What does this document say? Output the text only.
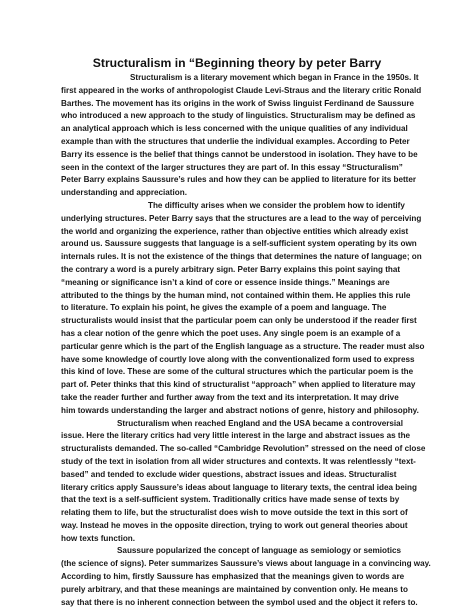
Structuralism in “Beginning theory by peter Barry
Structuralism is a literary movement which began in France in the 1950s. It
first appeared in the works of anthropologist Claude Levi-Straus and the literary critic Ronald
Barthes. The movement has its origins in the work of Swiss linguist Ferdinand de Saussure
who introduced a new approach to the study of linguistics. Structuralism may be defined as
an analytical approach which is less concerned with the unique qualities of any individual
example than with the structures that underlie the individual examples. According to Peter
Barry its essence is the belief that things cannot be understood in isolation. They have to be
seen in the context of the larger structures they are part of. In this essay “Structuralism”
Peter Barry explains Saussure’s rules and how they can be applied to literature for its better
understanding and appreciation.
The difficulty arises when we consider the problem how to identify
underlying structures. Peter Barry says that the structures are a lead to the way of perceiving
the world and organizing the experience, rather than objective entities which already exist
around us. Saussure suggests that language is a self-sufficient system operating by its own
internals rules. It is not the existence of the things that determines the nature of language; on
the contrary a word is a purely arbitrary sign. Peter Barry explains this point saying that
“meaning or significance isn’t a kind of core or essence inside things.” Meanings are
attributed to the things by the human mind, not contained within them. He applies this rule
to literature. To explain his point, he gives the example of a poem and language. The
structuralists would insist that the particular poem can only be understood if the reader first
has a clear notion of the genre which the poet uses. Any single poem is an example of a
particular genre which is the part of the English language as a structure. The reader must also
have some knowledge of courtly love along with the conventionalized form used to express
this kind of love. These are some of the cultural structures which the particular poem is the
part of. Peter thinks that this kind of structuralist “approach” when applied to literature may
take the reader further and further away from the text and its interpretation. It may drive
him towards understanding the larger and abstract notions of genre, history and philosophy.
Structuralism when reached England and the USA became a controversial
issue. Here the literary critics had very little interest in the large and abstract issues as the
structuralists demanded. The so-called “Cambridge Revolution” stressed on the need of close
study of the text in isolation from all wider structures and contexts. It was relentlessly “text-
based” and tended to exclude wider questions, abstract issues and ideas. Structuralist
literary critics apply Saussure’s ideas about language to literary texts, the central idea being
that the text is a self-sufficient system. Traditionally critics have made sense of texts by
relating them to life, but the structuralist does wish to move outside the text in this sort of
way. Instead he moves in the opposite direction, trying to work out general theories about
how texts function.
Saussure popularized the concept of language as semiology or semiotics
(the science of signs). Peter summarizes Saussure’s views about language in a convincing way.
According to him, firstly Saussure has emphasized that the meanings given to words are
purely arbitrary, and that these meanings are maintained by convention only. He means to
say that there is no inherent connection between the symbol used and the object it refers to.
